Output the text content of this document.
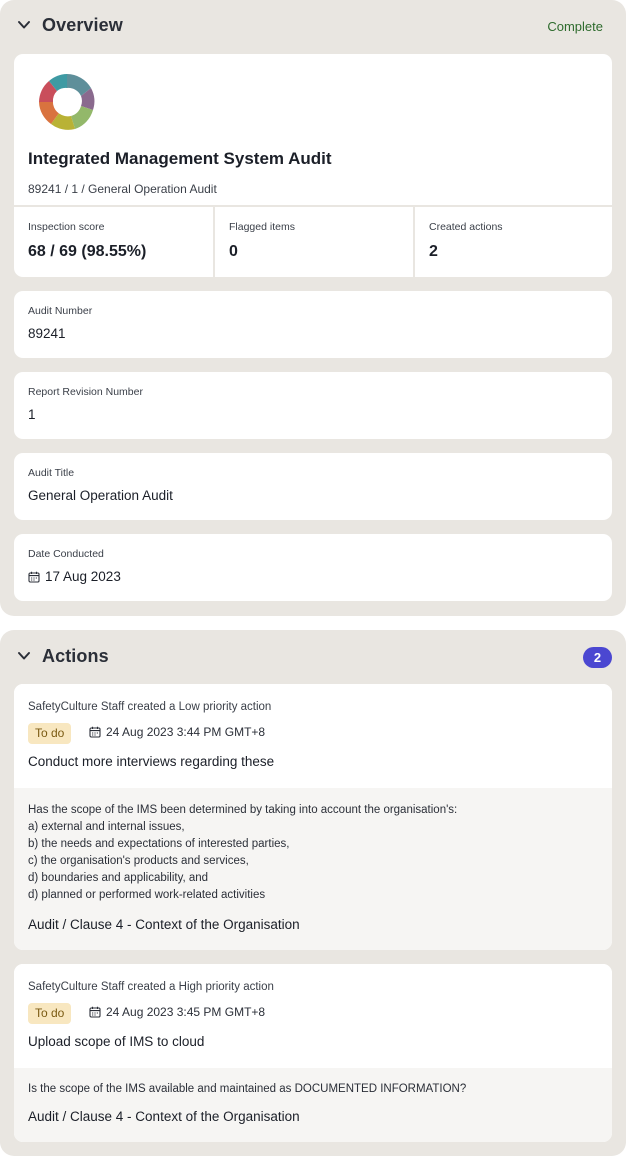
Overview	Complete
Integrated Management System Audit
89241 / 1 / General Operation Audit
Inspection score
68 / 69 (98.55%)
Flagged items
0
Created actions
2
Audit Number
89241
Report Revision Number
1
Audit Title
General Operation Audit
Date Conducted
17 Aug 2023
Actions	2
SafetyCulture Staff created a Low priority action
To do	24 Aug 2023 3:44 PM GMT+8
Conduct more interviews regarding these
Has the scope of the IMS been determined by taking into account the organisation's:
a) external and internal issues,
b) the needs and expectations of interested parties,
c) the organisation's products and services,
d) boundaries and applicability, and
d) planned or performed work-related activities
Audit / Clause 4 - Context of the Organisation
SafetyCulture Staff created a High priority action
To do	24 Aug 2023 3:45 PM GMT+8
Upload scope of IMS to cloud
Is the scope of the IMS available and maintained as DOCUMENTED INFORMATION?
Audit / Clause 4 - Context of the Organisation
